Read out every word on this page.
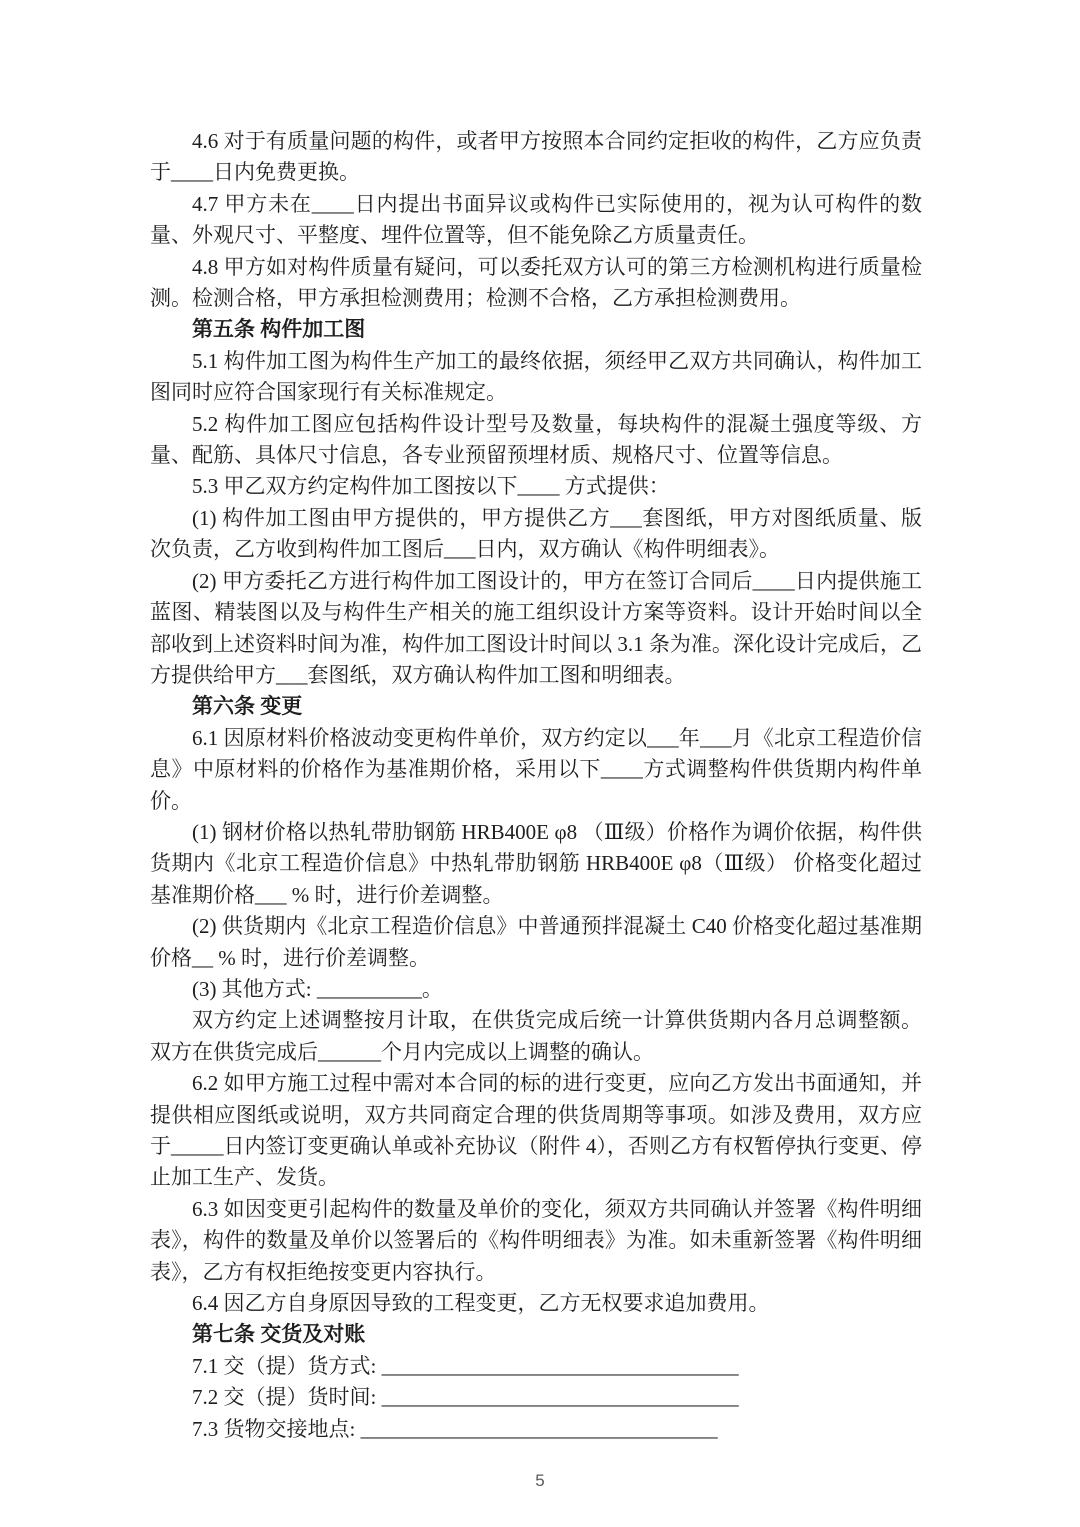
4.6 对于有质量问题的构件，或者甲方按照本合同约定拒收的构件，乙方应负责于____日内免费更换。

4.7 甲方未在____日内提出书面异议或构件已实际使用的，视为认可构件的数量、外观尺寸、平整度、埋件位置等，但不能免除乙方质量责任。

4.8 甲方如对构件质量有疑问，可以委托双方认可的第三方检测机构进行质量检测。检测合格，甲方承担检测费用；检测不合格，乙方承担检测费用。

第五条 构件加工图

5.1 构件加工图为构件生产加工的最终依据，须经甲乙双方共同确认，构件加工图同时应符合国家现行有关标准规定。

5.2 构件加工图应包括构件设计型号及数量，每块构件的混凝土强度等级、方量、配筋、具体尺寸信息，各专业预留预埋材质、规格尺寸、位置等信息。

5.3 甲乙双方约定构件加工图按以下____ 方式提供：

(1) 构件加工图由甲方提供的，甲方提供乙方___套图纸，甲方对图纸质量、版次负责，乙方收到构件加工图后___日内，双方确认《构件明细表》。

(2) 甲方委托乙方进行构件加工图设计的，甲方在签订合同后____日内提供施工蓝图、精装图以及与构件生产相关的施工组织设计方案等资料。设计开始时间以全部收到上述资料时间为准，构件加工图设计时间以 3.1 条为准。深化设计完成后，乙方提供给甲方___套图纸，双方确认构件加工图和明细表。

第六条 变更

6.1 因原材料价格波动变更构件单价，双方约定以___年___月《北京工程造价信息》中原材料的价格作为基准期价格，采用以下____方式调整构件供货期内构件单价。

(1) 钢材价格以热轧带肋钢筋 HRB400E φ8 （Ⅲ级）价格作为调价依据，构件供货期内《北京工程造价信息》中热轧带肋钢筋 HRB400E φ8（Ⅲ级） 价格变化超过基准期价格___ % 时，进行价差调整。

(2) 供货期内《北京工程造价信息》中普通预拌混凝土 C40 价格变化超过基准期价格__ % 时，进行价差调整。

(3) 其他方式: __________。

双方约定上述调整按月计取，在供货完成后统一计算供货期内各月总调整额。双方在供货完成后______个月内完成以上调整的确认。

6.2 如甲方施工过程中需对本合同的标的进行变更，应向乙方发出书面通知，并提供相应图纸或说明，双方共同商定合理的供货周期等事项。如涉及费用，双方应于_____日内签订变更确认单或补充协议（附件 4），否则乙方有权暂停执行变更、停止加工生产、发货。

6.3 如因变更引起构件的数量及单价的变化，须双方共同确认并签署《构件明细表》，构件的数量及单价以签署后的《构件明细表》为准。如未重新签署《构件明细表》，乙方有权拒绝按变更内容执行。

6.4 因乙方自身原因导致的工程变更，乙方无权要求追加费用。

第七条 交货及对账

7.1 交（提）货方式: __________________________________

7.2 交（提）货时间: __________________________________

7.3 货物交接地点: __________________________________

5
